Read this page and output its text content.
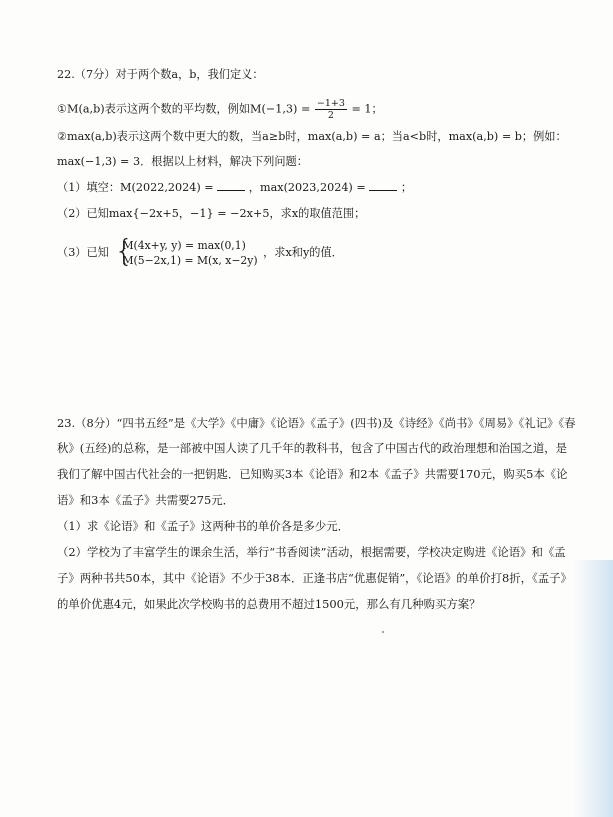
22.（7分）对于两个数a，b，我们定义：
①M(a,b)表示这两个数的平均数，例如$M(-1,3) = \frac{-1+3}{2} = 1$；
②max(a,b)表示这两个数中更大的数，当a≥b时，max(a,b) = a；当a<b时，max(a,b) = b；例如：
max(−1,3) = 3．根据以上材料，解决下列问题：
（1）填空：M(2022,2024) =	，max(2023,2024) =	；
（2）已知max{−2x+5，−1} = −2x+5，求x的取值范围；
（3）已知 {
M(4x+y, y) = max(0,1)
M(5−2x,1) = M(x, x−2y)
，求x和y的值．
23.（8分）“四书五经”是《大学》《中庸》《论语》《孟子》(四书)及《诗经》《尚书》《周易》《礼记》《春
秋》(五经)的总称，是一部被中国人读了几千年的教科书，包含了中国古代的政治理想和治国之道，是
我们了解中国古代社会的一把钥匙．已知购买3本《论语》和2本《孟子》共需要170元，购买5本《论
语》和3本《孟子》共需要275元．
（1）求《论语》和《孟子》这两种书的单价各是多少元．
（2）学校为了丰富学生的课余生活，举行“书香阅读”活动，根据需要，学校决定购进《论语》和《孟
子》两种书共50本，其中《论语》不少于38本．正逢书店“优惠促销”，《论语》的单价打8折，《孟子》
的单价优惠4元，如果此次学校购书的总费用不超过1500元，那么有几种购买方案？
